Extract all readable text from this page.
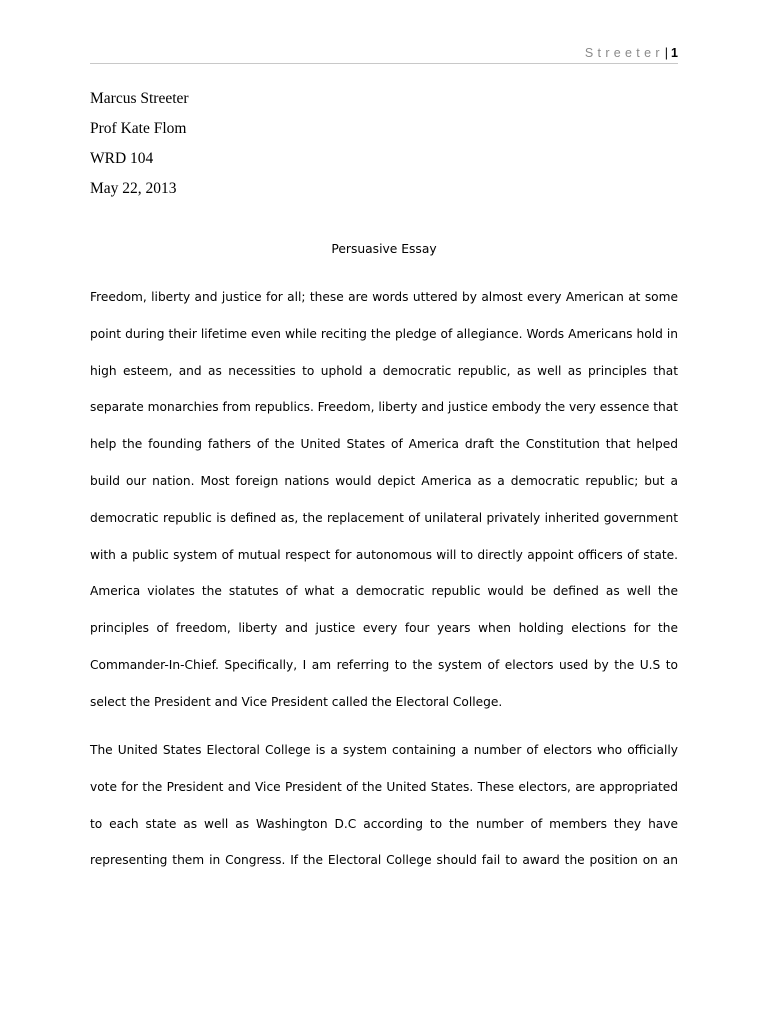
Streeter| 1
Marcus Streeter
Prof Kate Flom
WRD 104
May 22, 2013
Persuasive Essay
Freedom, liberty and justice for all; these are words uttered by almost every American at some
point during their lifetime even while reciting the pledge of allegiance. Words Americans hold in
high esteem, and as necessities to uphold a democratic republic, as well as principles that
separate monarchies from republics. Freedom, liberty and justice embody the very essence that
help the founding fathers of the United States of America draft the Constitution that helped
build our nation. Most foreign nations would depict America as a democratic republic; but a
democratic republic is defined as, the replacement of unilateral privately inherited government
with a public system of mutual respect for autonomous will to directly appoint officers of state.
America violates the statutes of what a democratic republic would be defined as well the
principles of freedom, liberty and justice every four years when holding elections for the
Commander-In-Chief. Specifically, I am referring to the system of electors used by the U.S to
select the President and Vice President called the Electoral College.
The United States Electoral College is a system containing a number of electors who officially
vote for the President and Vice President of the United States. These electors, are appropriated
to each state as well as Washington D.C according to the number of members they have
representing them in Congress. If the Electoral College should fail to award the position on an
